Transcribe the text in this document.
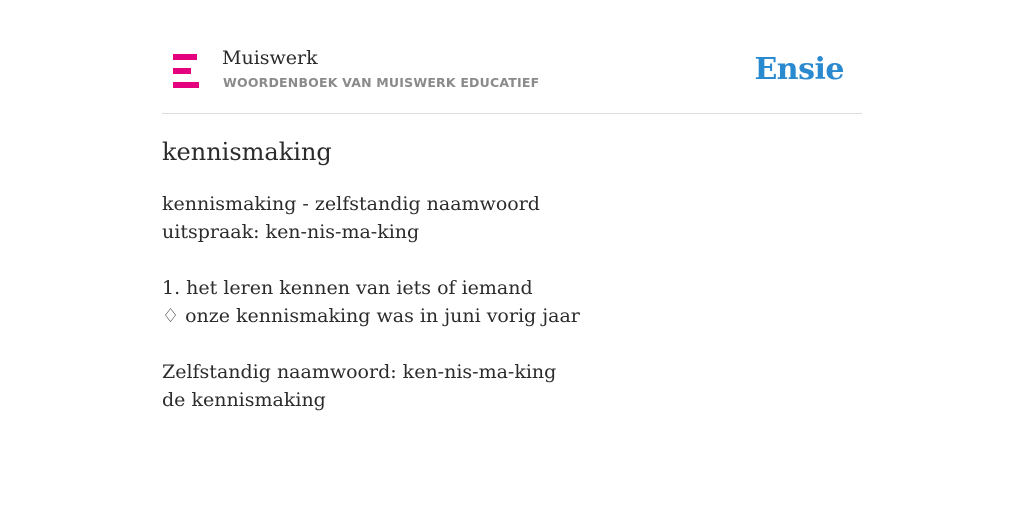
Muiswerk
WOORDENBOEK VAN MUISWERK EDUCATIEF	Ensie
kennismaking
kennismaking - zelfstandig naamwoord
uitspraak: ken-nis-ma-king
1. het leren kennen van iets of iemand
♢ onze kennismaking was in juni vorig jaar
Zelfstandig naamwoord: ken-nis-ma-king
de kennismaking
